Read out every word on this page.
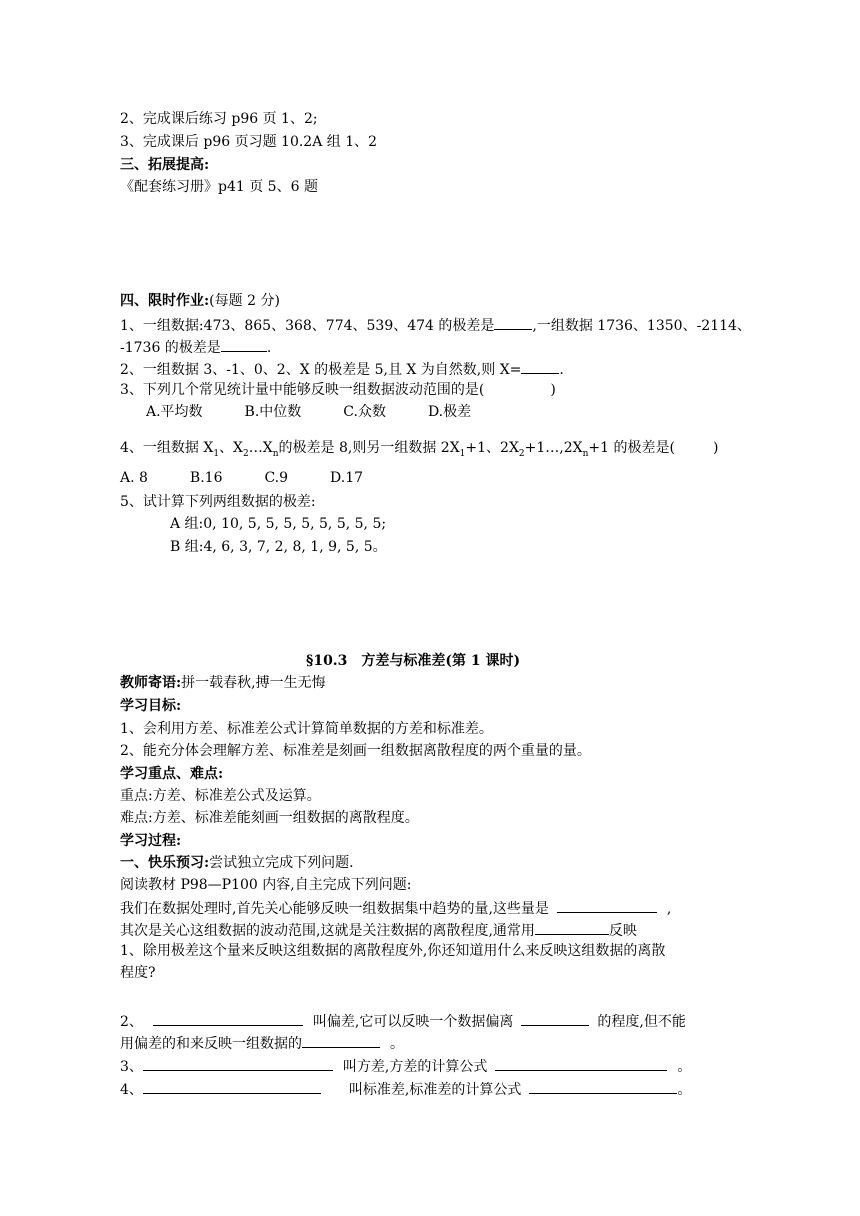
2、完成课后练习 p96 页 1、2;
3、完成课后 p96 页习题 10.2A 组 1、2
三、拓展提高:
《配套练习册》p41 页 5、6 题
四、限时作业:(每题 2 分)
1、一组数据:473、865、368、774、539、474 的极差是	,一组数据 1736、1350、-2114、
-1736 的极差是	.
2、一组数据 3、-1、0、2、X 的极差是 5,且 X 为自然数,则 X=	.
3、下列几个常见统计量中能够反映一组数据波动范围的是(	)
A.平均数　　　B.中位数　　　C.众数　　　D.极差
4、一组数据 $X_1$、$X_2\dots X_n$的极差是 8,则另一组数据 $2X_1+1$、$2X_2+1\dots,2X_n+1$ 的极差是(	)
A. 8　　　B.16　　　C.9　　　D.17
5、试计算下列两组数据的极差:
A 组:0, 10, 5, 5, 5, 5, 5, 5, 5, 5;
B 组:4, 6, 3, 7, 2, 8, 1, 9, 5, 5。
§10.3　方差与标准差(第 1 课时)
教师寄语:拼一载春秋,搏一生无悔
学习目标:
1、会利用方差、标准差公式计算简单数据的方差和标准差。
2、能充分体会理解方差、标准差是刻画一组数据离散程度的两个重量的量。
学习重点、难点:
重点:方差、标准差公式及运算。
难点:方差、标准差能刻画一组数据的离散程度。
学习过程:
一、快乐预习:尝试独立完成下列问题.
阅读教材 P98—P100 内容,自主完成下列问题:
我们在数据处理时,首先关心能够反映一组数据集中趋势的量,这些量是	,
其次是关心这组数据的波动范围,这就是关注数据的离散程度,通常用	反映
1、除用极差这个量来反映这组数据的离散程度外,你还知道用什么来反映这组数据的离散
程度?
2、	叫偏差,它可以反映一个数据偏离	的程度,但不能
用偏差的和来反映一组数据的	。
3、	叫方差,方差的计算公式	。
4、	叫标准差,标准差的计算公式	。
